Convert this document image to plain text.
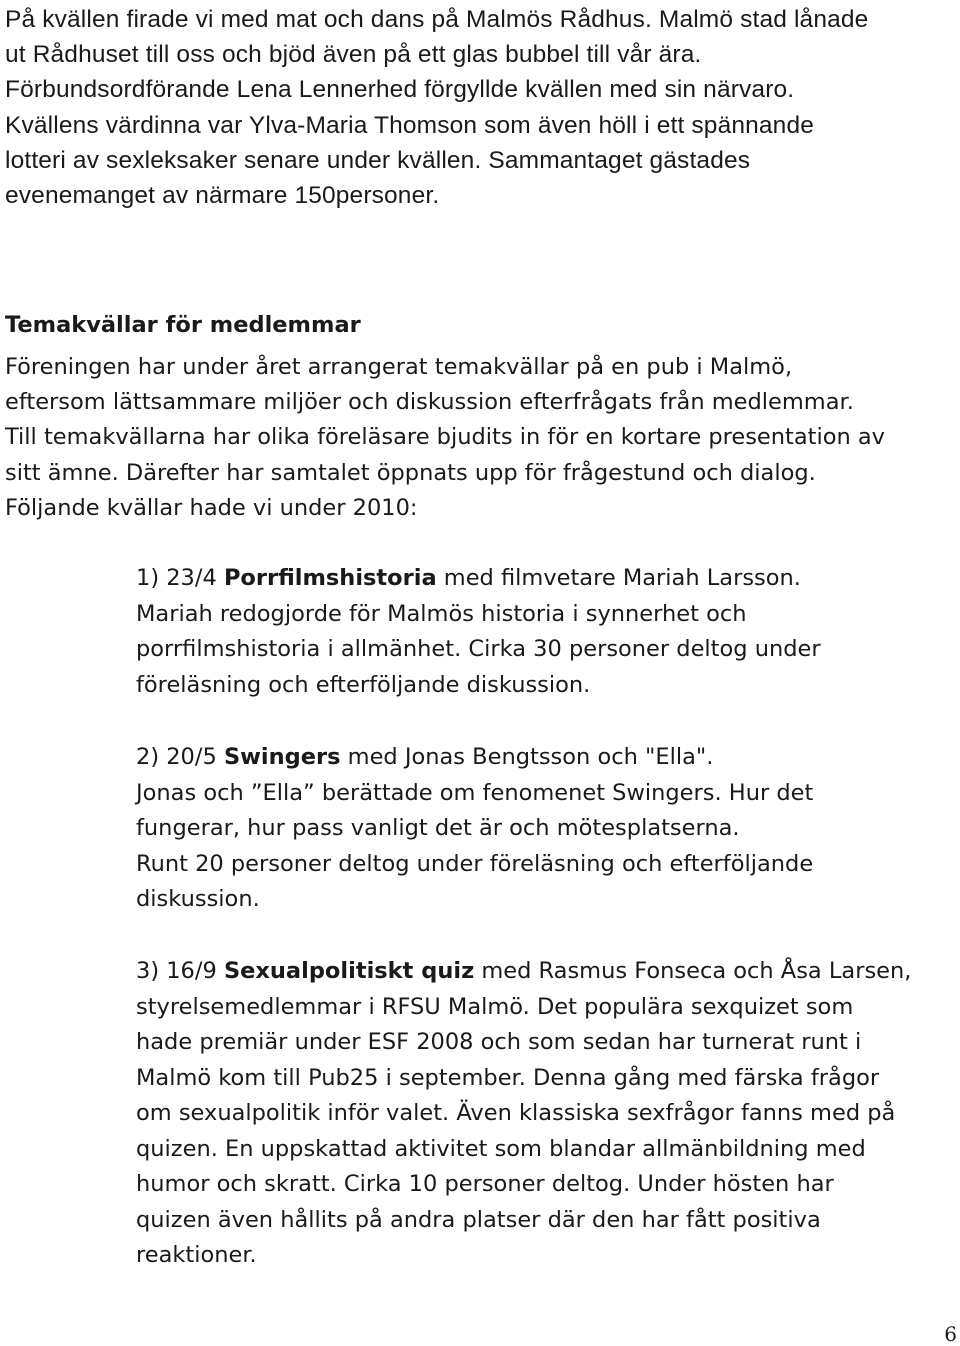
På kvällen firade vi med mat och dans på Malmös Rådhus. Malmö stad lånade
ut Rådhuset till oss och bjöd även på ett glas bubbel till vår ära.
Förbundsordförande Lena Lennerhed förgyllde kvällen med sin närvaro.
Kvällens värdinna var Ylva-Maria Thomson som även höll i ett spännande
lotteri av sexleksaker senare under kvällen. Sammantaget gästades
evenemanget av närmare 150personer.

Temakvällar för medlemmar

Föreningen har under året arrangerat temakvällar på en pub i Malmö,
eftersom lättsammare miljöer och diskussion efterfrågats från medlemmar.
Till temakvällarna har olika föreläsare bjudits in för en kortare presentation av
sitt ämne. Därefter har samtalet öppnats upp för frågestund och dialog.
Följande kvällar hade vi under 2010:

1) 23/4 Porrfilmshistoria med filmvetare Mariah Larsson.
Mariah redogjorde för Malmös historia i synnerhet och
porrfilmshistoria i allmänhet. Cirka 30 personer deltog under
föreläsning och efterföljande diskussion.

2) 20/5 Swingers med Jonas Bengtsson och "Ella".
Jonas och ”Ella” berättade om fenomenet Swingers. Hur det
fungerar, hur pass vanligt det är och mötesplatserna.
Runt 20 personer deltog under föreläsning och efterföljande
diskussion.

3) 16/9 Sexualpolitiskt quiz med Rasmus Fonseca och Åsa Larsen,
styrelsemedlemmar i RFSU Malmö. Det populära sexquizet som
hade premiär under ESF 2008 och som sedan har turnerat runt i
Malmö kom till Pub25 i september. Denna gång med färska frågor
om sexualpolitik inför valet. Även klassiska sexfrågor fanns med på
quizen. En uppskattad aktivitet som blandar allmänbildning med
humor och skratt. Cirka 10 personer deltog. Under hösten har
quizen även hållits på andra platser där den har fått positiva
reaktioner.

6
